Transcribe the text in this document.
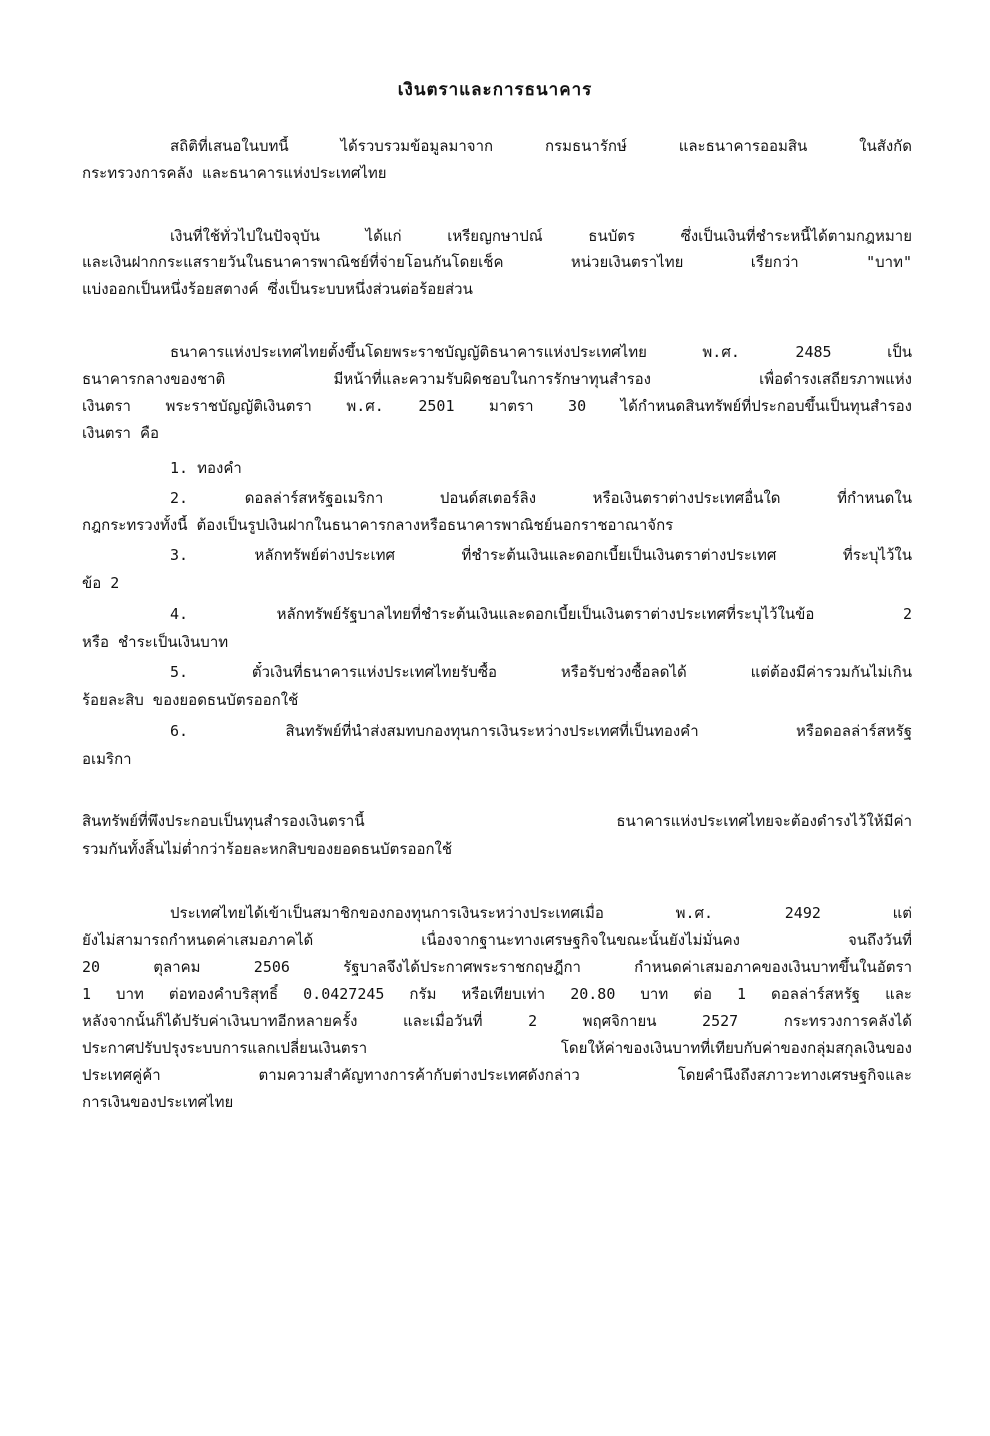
เงินตราและการธนาคาร
สถิติที่เสนอในบทนี้ ได้รวบรวมข้อมูลมาจาก กรมธนารักษ์ และธนาคารออมสิน ในสังกัด
กระทรวงการคลัง และธนาคารแห่งประเทศไทย
เงินที่ใช้ทั่วไปในปัจจุบัน ได้แก่ เหรียญกษาปณ์ ธนบัตร ซึ่งเป็นเงินที่ชำระหนี้ได้ตามกฎหมาย
และเงินฝากกระแสรายวันในธนาคารพาณิชย์ที่จ่ายโอนกันโดยเช็ค หน่วยเงินตราไทย เรียกว่า "บาท"
แบ่งออกเป็นหนึ่งร้อยสตางค์ ซึ่งเป็นระบบหนึ่งส่วนต่อร้อยส่วน
ธนาคารแห่งประเทศไทยตั้งขึ้นโดยพระราชบัญญัติธนาคารแห่งประเทศไทย พ.ศ. 2485 เป็น
ธนาคารกลางของชาติ มีหน้าที่และความรับผิดชอบในการรักษาทุนสำรอง เพื่อดำรงเสถียรภาพแห่ง
เงินตรา พระราชบัญญัติเงินตรา พ.ศ. 2501 มาตรา 30 ได้กำหนดสินทรัพย์ที่ประกอบขึ้นเป็นทุนสำรอง
เงินตรา คือ
1. ทองคำ
2. ดอลล่าร์สหรัฐอเมริกา ปอนด์สเตอร์ลิง หรือเงินตราต่างประเทศอื่นใด ที่กำหนดใน
กฎกระทรวงทั้งนี้ ต้องเป็นรูปเงินฝากในธนาคารกลางหรือธนาคารพาณิชย์นอกราชอาณาจักร
3. หลักทรัพย์ต่างประเทศ ที่ชำระต้นเงินและดอกเบี้ยเป็นเงินตราต่างประเทศ ที่ระบุไว้ใน
ข้อ 2
4. หลักทรัพย์รัฐบาลไทยที่ชำระต้นเงินและดอกเบี้ยเป็นเงินตราต่างประเทศที่ระบุไว้ในข้อ 2
หรือ ชำระเป็นเงินบาท
5. ตั๋วเงินที่ธนาคารแห่งประเทศไทยรับซื้อ หรือรับช่วงซื้อลดได้ แต่ต้องมีค่ารวมกันไม่เกิน
ร้อยละสิบ ของยอดธนบัตรออกใช้
6. สินทรัพย์ที่นำส่งสมทบกองทุนการเงินระหว่างประเทศที่เป็นทองคำ หรือดอลล่าร์สหรัฐ
อเมริกา
สินทรัพย์ที่พึงประกอบเป็นทุนสำรองเงินตรานี้ ธนาคารแห่งประเทศไทยจะต้องดำรงไว้ให้มีค่า
รวมกันทั้งสิ้นไม่ต่ำกว่าร้อยละหกสิบของยอดธนบัตรออกใช้
ประเทศไทยได้เข้าเป็นสมาชิกของกองทุนการเงินระหว่างประเทศเมื่อ พ.ศ. 2492 แต่
ยังไม่สามารถกำหนดค่าเสมอภาคได้ เนื่องจากฐานะทางเศรษฐกิจในขณะนั้นยังไม่มั่นคง จนถึงวันที่
20 ตุลาคม 2506 รัฐบาลจึงได้ประกาศพระราชกฤษฎีกา กำหนดค่าเสมอภาคของเงินบาทขึ้นในอัตรา
1 บาท ต่อทองคำบริสุทธิ์ 0.0427245 กรัม หรือเทียบเท่า 20.80 บาท ต่อ 1 ดอลล่าร์สหรัฐ และ
หลังจากนั้นก็ได้ปรับค่าเงินบาทอีกหลายครั้ง และเมื่อวันที่ 2 พฤศจิกายน 2527 กระทรวงการคลังได้
ประกาศปรับปรุงระบบการแลกเปลี่ยนเงินตรา โดยให้ค่าของเงินบาทที่เทียบกับค่าของกลุ่มสกุลเงินของ
ประเทศคู่ค้า ตามความสำคัญทางการค้ากับต่างประเทศดังกล่าว โดยคำนึงถึงสภาวะทางเศรษฐกิจและ
การเงินของประเทศไทย
